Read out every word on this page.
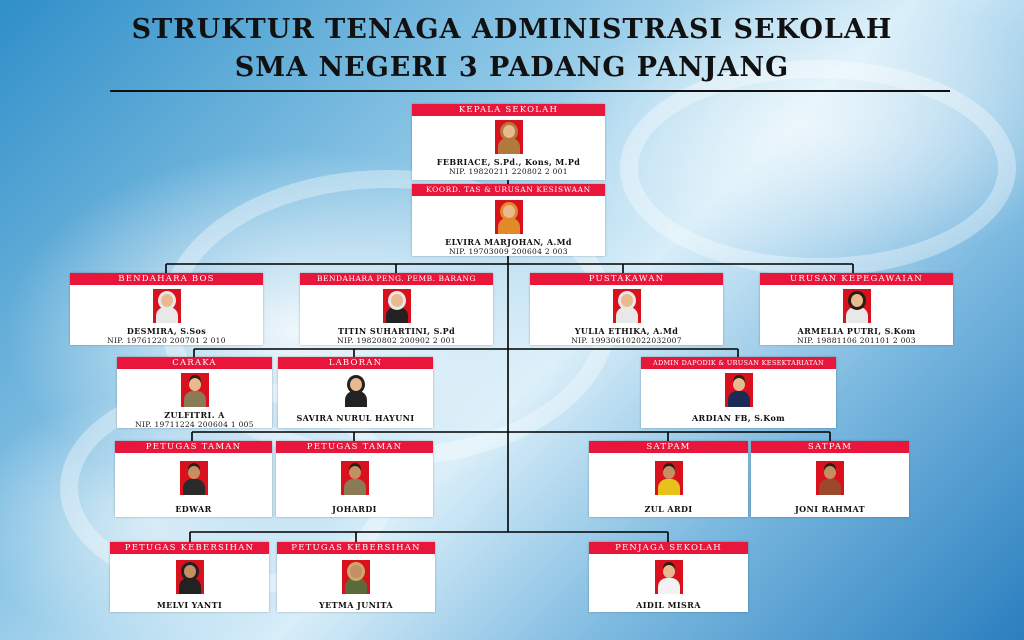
STRUKTUR TENAGA ADMINISTRASI SEKOLAH
SMA NEGERI 3 PADANG PANJANG
KEPALA SEKOLAH
FEBRIACE, S.Pd., Kons, M.Pd
NIP. 19820211 220802 2 001
KOORD. TAS & URUSAN KESISWAAN
ELVIRA MARJOHAN, A.Md
NIP. 19703009 200604 2 003
BENDAHARA BOS
DESMIRA, S.Sos
NIP. 19761220 200701 2 010
BENDAHARA PENG. PEMB. BARANG
TITIN SUHARTINI, S.Pd
NIP. 19820802 200902 2 001
PUSTAKAWAN
YULIA ETHIKA, A.Md
NIP. 199306102022032007
URUSAN KEPEGAWAIAN
ARMELIA PUTRI, S.Kom
NIP. 19881106 201101 2 003
CARAKA
ZULFITRI. A
NIP. 19711224 200604 1 005
LABORAN
SAVIRA NURUL HAYUNI
ADMIN DAPODIK & URUSAN KESEKTARIATAN
ARDIAN FB, S.Kom
PETUGAS TAMAN
EDWAR
PETUGAS TAMAN
JOHARDI
SATPAM
ZUL ARDI
SATPAM
JONI RAHMAT
PETUGAS KEBERSIHAN
MELVI YANTI
PETUGAS KEBERSIHAN
YETMA JUNITA
PENJAGA SEKOLAH
AIDIL MISRA
